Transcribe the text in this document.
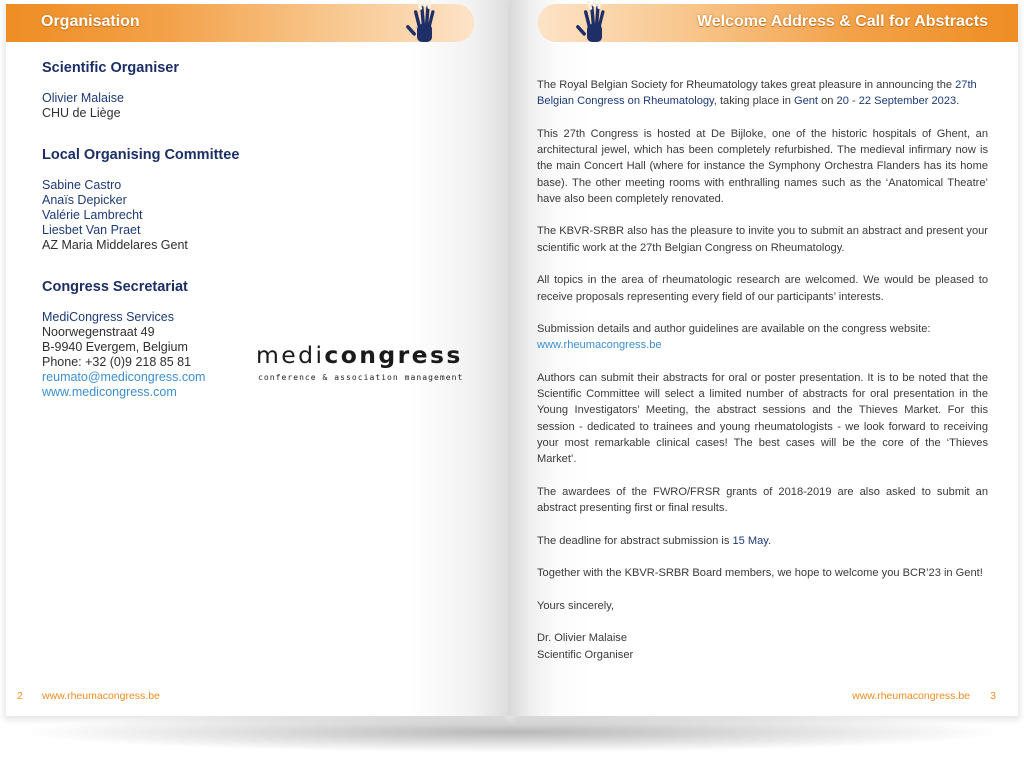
Organisation
Scientific Organiser
Olivier Malaise
CHU de Liège
Local Organising Committee
Sabine Castro
Anaïs Depicker
Valérie Lambrecht
Liesbet Van Praet
AZ Maria Middelares Gent
Congress Secretariat
MediCongress Services
Noorwegenstraat 49
B-9940 Evergem, Belgium
Phone: +32 (0)9 218 85 81
reumato@medicongress.com
www.medicongress.com
medicongress
conference & association management
2 www.rheumacongress.be
Welcome Address & Call for Abstracts

The Royal Belgian Society for Rheumatology takes great pleasure in announcing the 27th Belgian Congress on Rheumatology, taking place in Gent on 20 - 22 September 2023.

This 27th Congress is hosted at De Bijloke, one of the historic hospitals of Ghent, an architectural jewel, which has been completely refurbished. The medieval infirmary now is the main Concert Hall (where for instance the Symphony Orchestra Flanders has its home base). The other meeting rooms with enthralling names such as the ‘Anatomical Theatre’ have also been completely renovated.

The KBVR-SRBR also has the pleasure to invite you to submit an abstract and present your scientific work at the 27th Belgian Congress on Rheumatology.

All topics in the area of rheumatologic research are welcomed. We would be pleased to receive proposals representing every field of our participants’ interests.

Submission details and author guidelines are available on the congress website:
www.rheumacongress.be

Authors can submit their abstracts for oral or poster presentation. It is to be noted that the Scientific Committee will select a limited number of abstracts for oral presentation in the Young Investigators’ Meeting, the abstract sessions and the Thieves Market. For this session - dedicated to trainees and young rheumatologists - we look forward to receiving your most remarkable clinical cases! The best cases will be the core of the ‘Thieves Market’.

The awardees of the FWRO/FRSR grants of 2018-2019 are also asked to submit an abstract presenting first or final results.

The deadline for abstract submission is 15 May.

Together with the KBVR-SRBR Board members, we hope to welcome you BCR’23 in Gent!

Yours sincerely,

Dr. Olivier Malaise
Scientific Organiser
www.rheumacongress.be 3
